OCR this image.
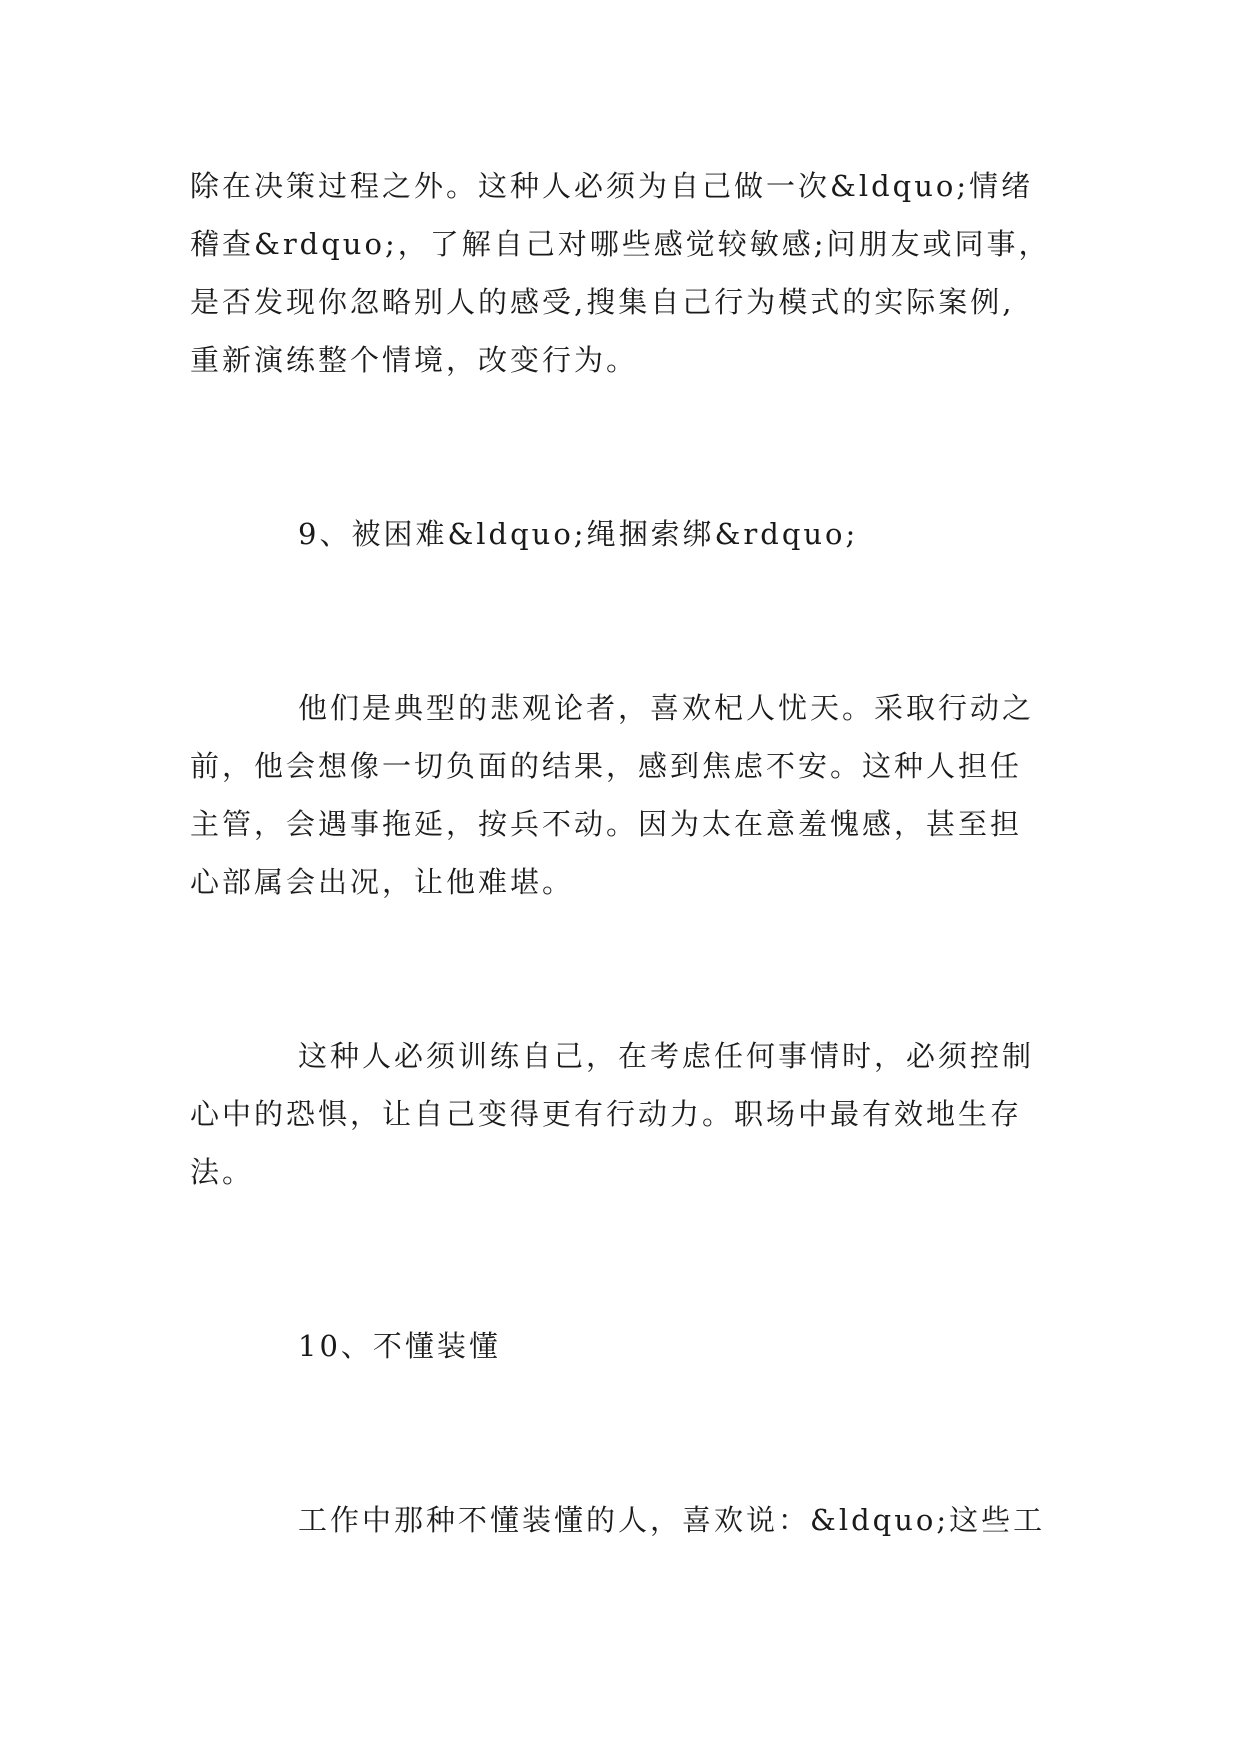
除在决策过程之外。这种人必须为自己做一次&ldquo;情绪
稽查&rdquo;，了解自己对哪些感觉较敏感;问朋友或同事，
是否发现你忽略别人的感受,搜集自己行为模式的实际案例,
重新演练整个情境，改变行为。
9、被困难&ldquo;绳捆索绑&rdquo;
他们是典型的悲观论者，喜欢杞人忧天。采取行动之
前，他会想像一切负面的结果，感到焦虑不安。这种人担任
主管，会遇事拖延，按兵不动。因为太在意羞愧感，甚至担
心部属会出况，让他难堪。
这种人必须训练自己，在考虑任何事情时，必须控制
心中的恐惧，让自己变得更有行动力。职场中最有效地生存
法。
10、不懂装懂
工作中那种不懂装懂的人，喜欢说：&ldquo;这些工
